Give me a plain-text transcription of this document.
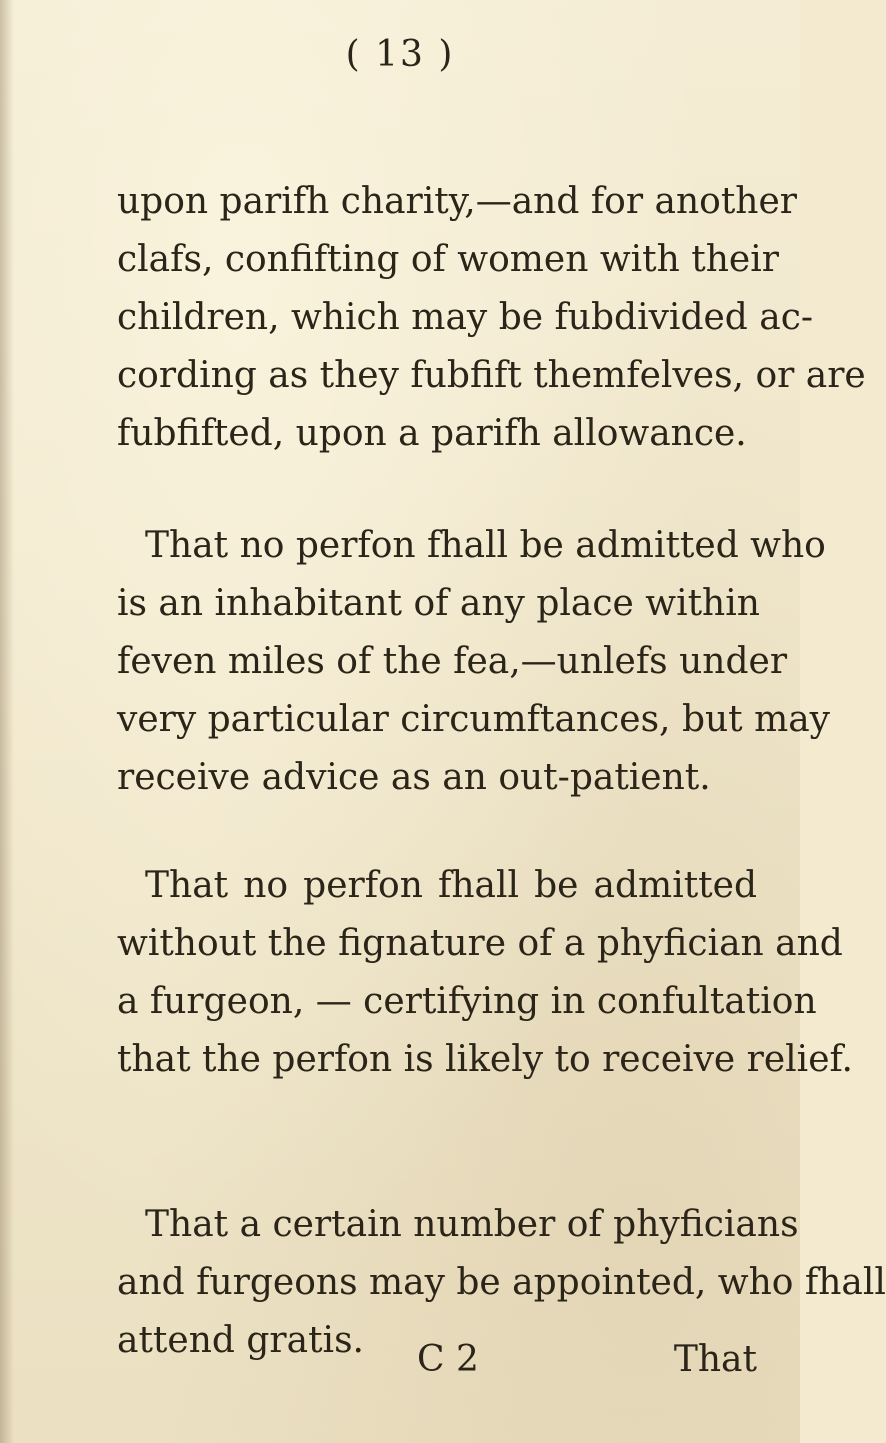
( 13 )
upon parifh charity,—and for another
clafs, confifting of women with their
children, which may be fubdivided ac-
cording as they fubfift themfelves, or are
fubfifted, upon a parifh allowance.
That no perfon fhall be admitted who
is an inhabitant of any place within
feven miles of the fea,—unlefs under
very particular circumftances, but may
receive advice as an out-patient.
That no perfon fhall be admitted
without the fignature of a phyfician and
a furgeon, — certifying in confultation
that the perfon is likely to receive relief.
That a certain number of phyficians
and furgeons may be appointed, who fhall
attend gratis.	C 2	That
